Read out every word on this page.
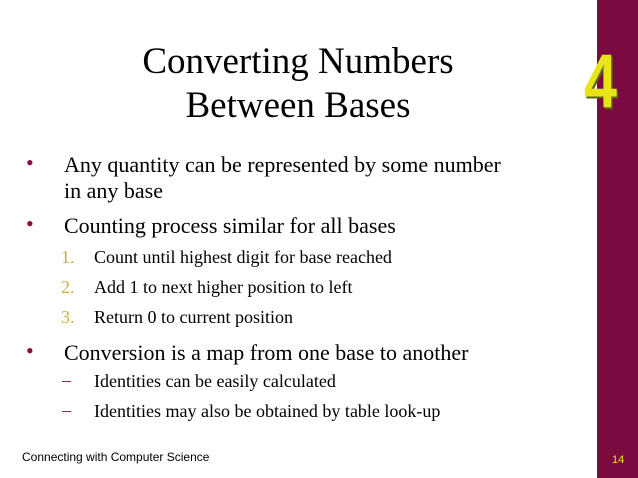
4
Converting Numbers
Between Bases
• Any quantity can be represented by some number
in any base
• Counting process similar for all bases
1. Count until highest digit for base reached
2. Add 1 to next higher position to left
3. Return 0 to current position
• Conversion is a map from one base to another
– Identities can be easily calculated
– Identities may also be obtained by table look-up
Connecting with Computer Science	14
